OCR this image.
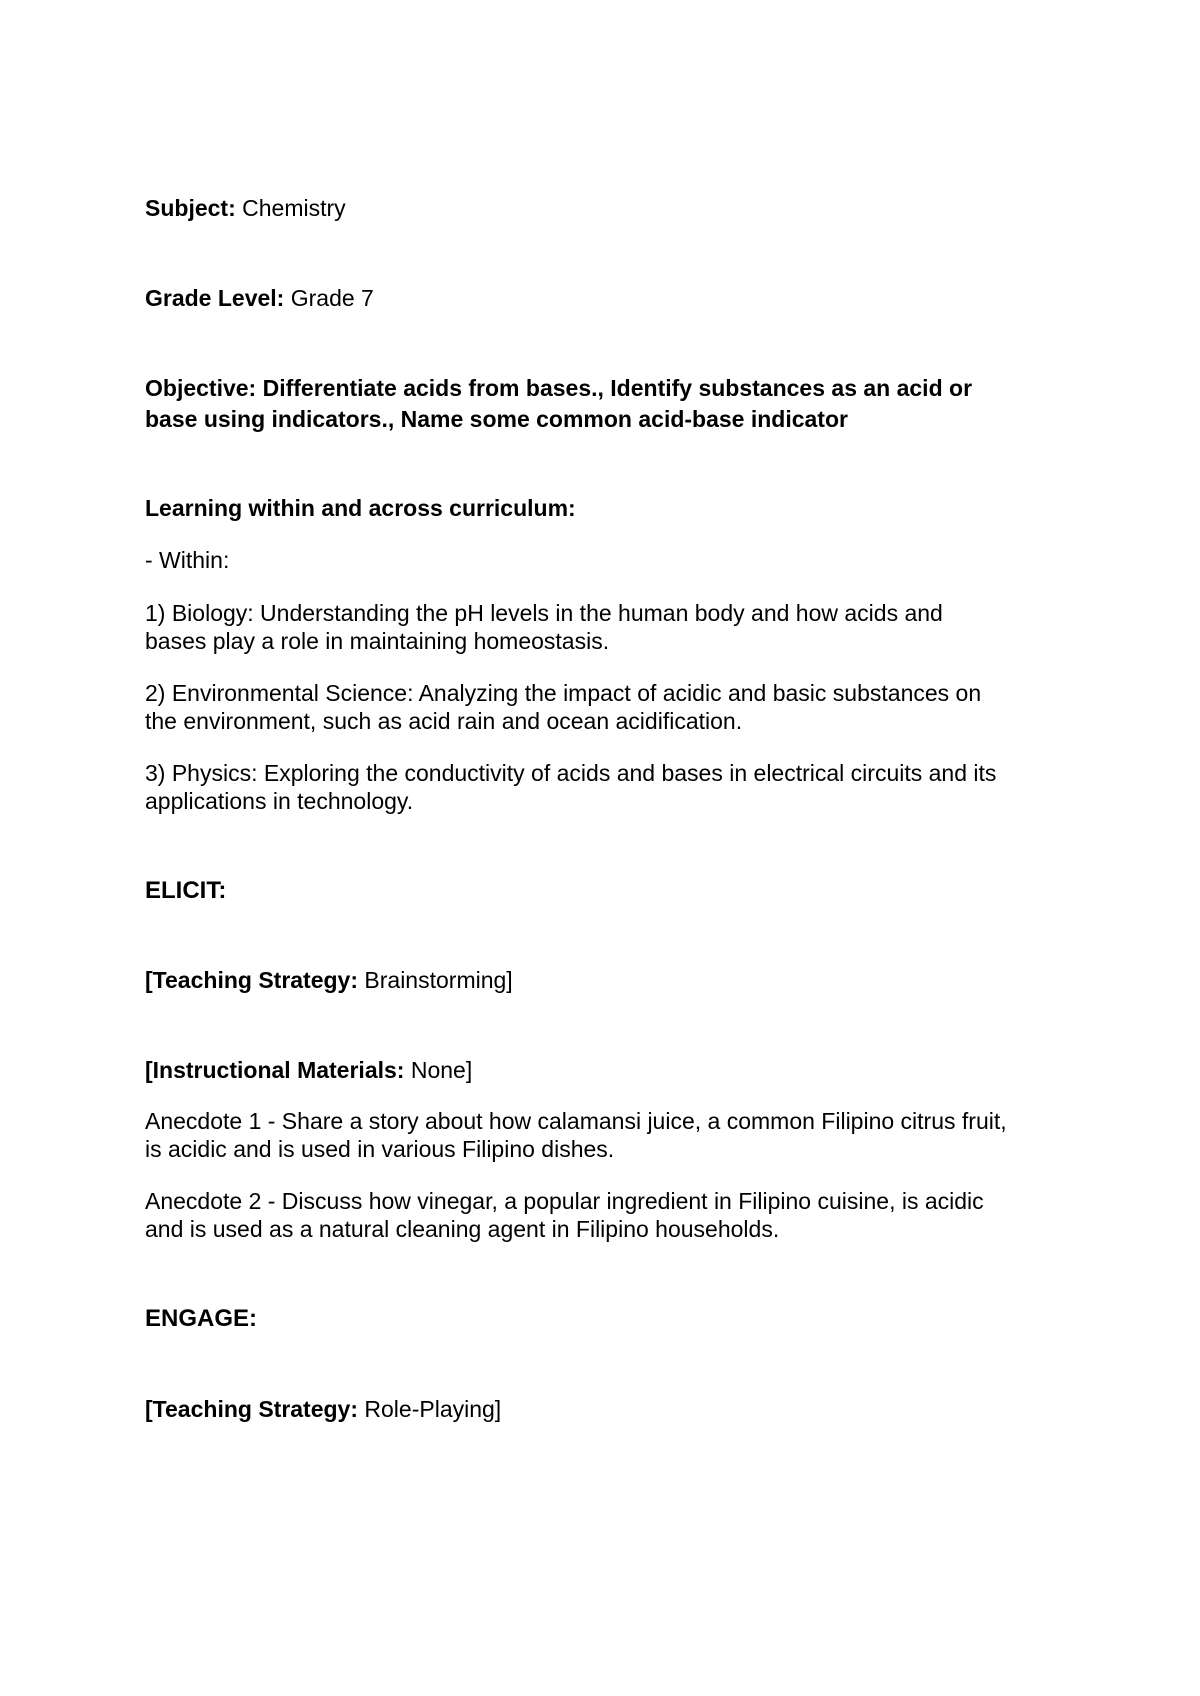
Subject: Chemistry
Grade Level: Grade 7
Objective: Differentiate acids from bases., Identify substances as an acid or
base using indicators., Name some common acid-base indicator
Learning within and across curriculum:
- Within:
1) Biology: Understanding the pH levels in the human body and how acids and
bases play a role in maintaining homeostasis.
2) Environmental Science: Analyzing the impact of acidic and basic substances on
the environment, such as acid rain and ocean acidification.
3) Physics: Exploring the conductivity of acids and bases in electrical circuits and its
applications in technology.
ELICIT:
[Teaching Strategy: Brainstorming]
[Instructional Materials: None]
Anecdote 1 - Share a story about how calamansi juice, a common Filipino citrus fruit,
is acidic and is used in various Filipino dishes.
Anecdote 2 - Discuss how vinegar, a popular ingredient in Filipino cuisine, is acidic
and is used as a natural cleaning agent in Filipino households.
ENGAGE:
[Teaching Strategy: Role-Playing]
